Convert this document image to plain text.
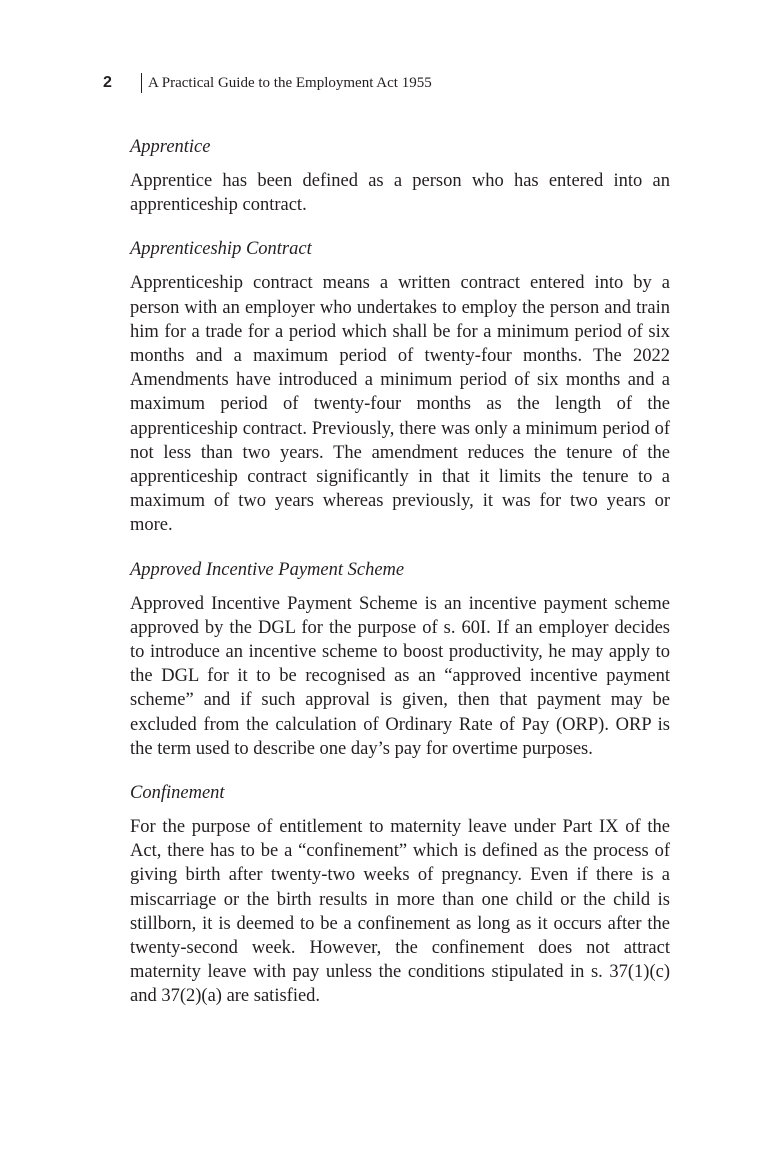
2	A Practical Guide to the Employment Act 1955

Apprentice

Apprentice has been defined as a person who has entered into an apprenticeship contract.

Apprenticeship Contract

Apprenticeship contract means a written contract entered into by a person with an employer who undertakes to employ the person and train him for a trade for a period which shall be for a minimum period of six months and a maximum period of twenty-four months. The 2022 Amendments have introduced a minimum period of six months and a maximum period of twenty-four months as the length of the apprenticeship contract. Previously, there was only a minimum period of not less than two years. The amendment reduces the tenure of the apprenticeship contract significantly in that it limits the tenure to a maximum of two years whereas previously, it was for two years or more.

Approved Incentive Payment Scheme

Approved Incentive Payment Scheme is an incentive payment scheme approved by the DGL for the purpose of s. 60I. If an employer decides to introduce an incentive scheme to boost productivity, he may apply to the DGL for it to be recognised as an “approved incentive payment scheme” and if such approval is given, then that payment may be excluded from the calculation of Ordinary Rate of Pay (ORP). ORP is the term used to describe one day’s pay for overtime purposes.

Confinement

For the purpose of entitlement to maternity leave under Part IX of the Act, there has to be a “confinement” which is defined as the process of giving birth after twenty-two weeks of pregnancy. Even if there is a miscarriage or the birth results in more than one child or the child is stillborn, it is deemed to be a confinement as long as it occurs after the twenty-second week. However, the confinement does not attract maternity leave with pay unless the conditions stipulated in s. 37(1)(c) and 37(2)(a) are satisfied.
